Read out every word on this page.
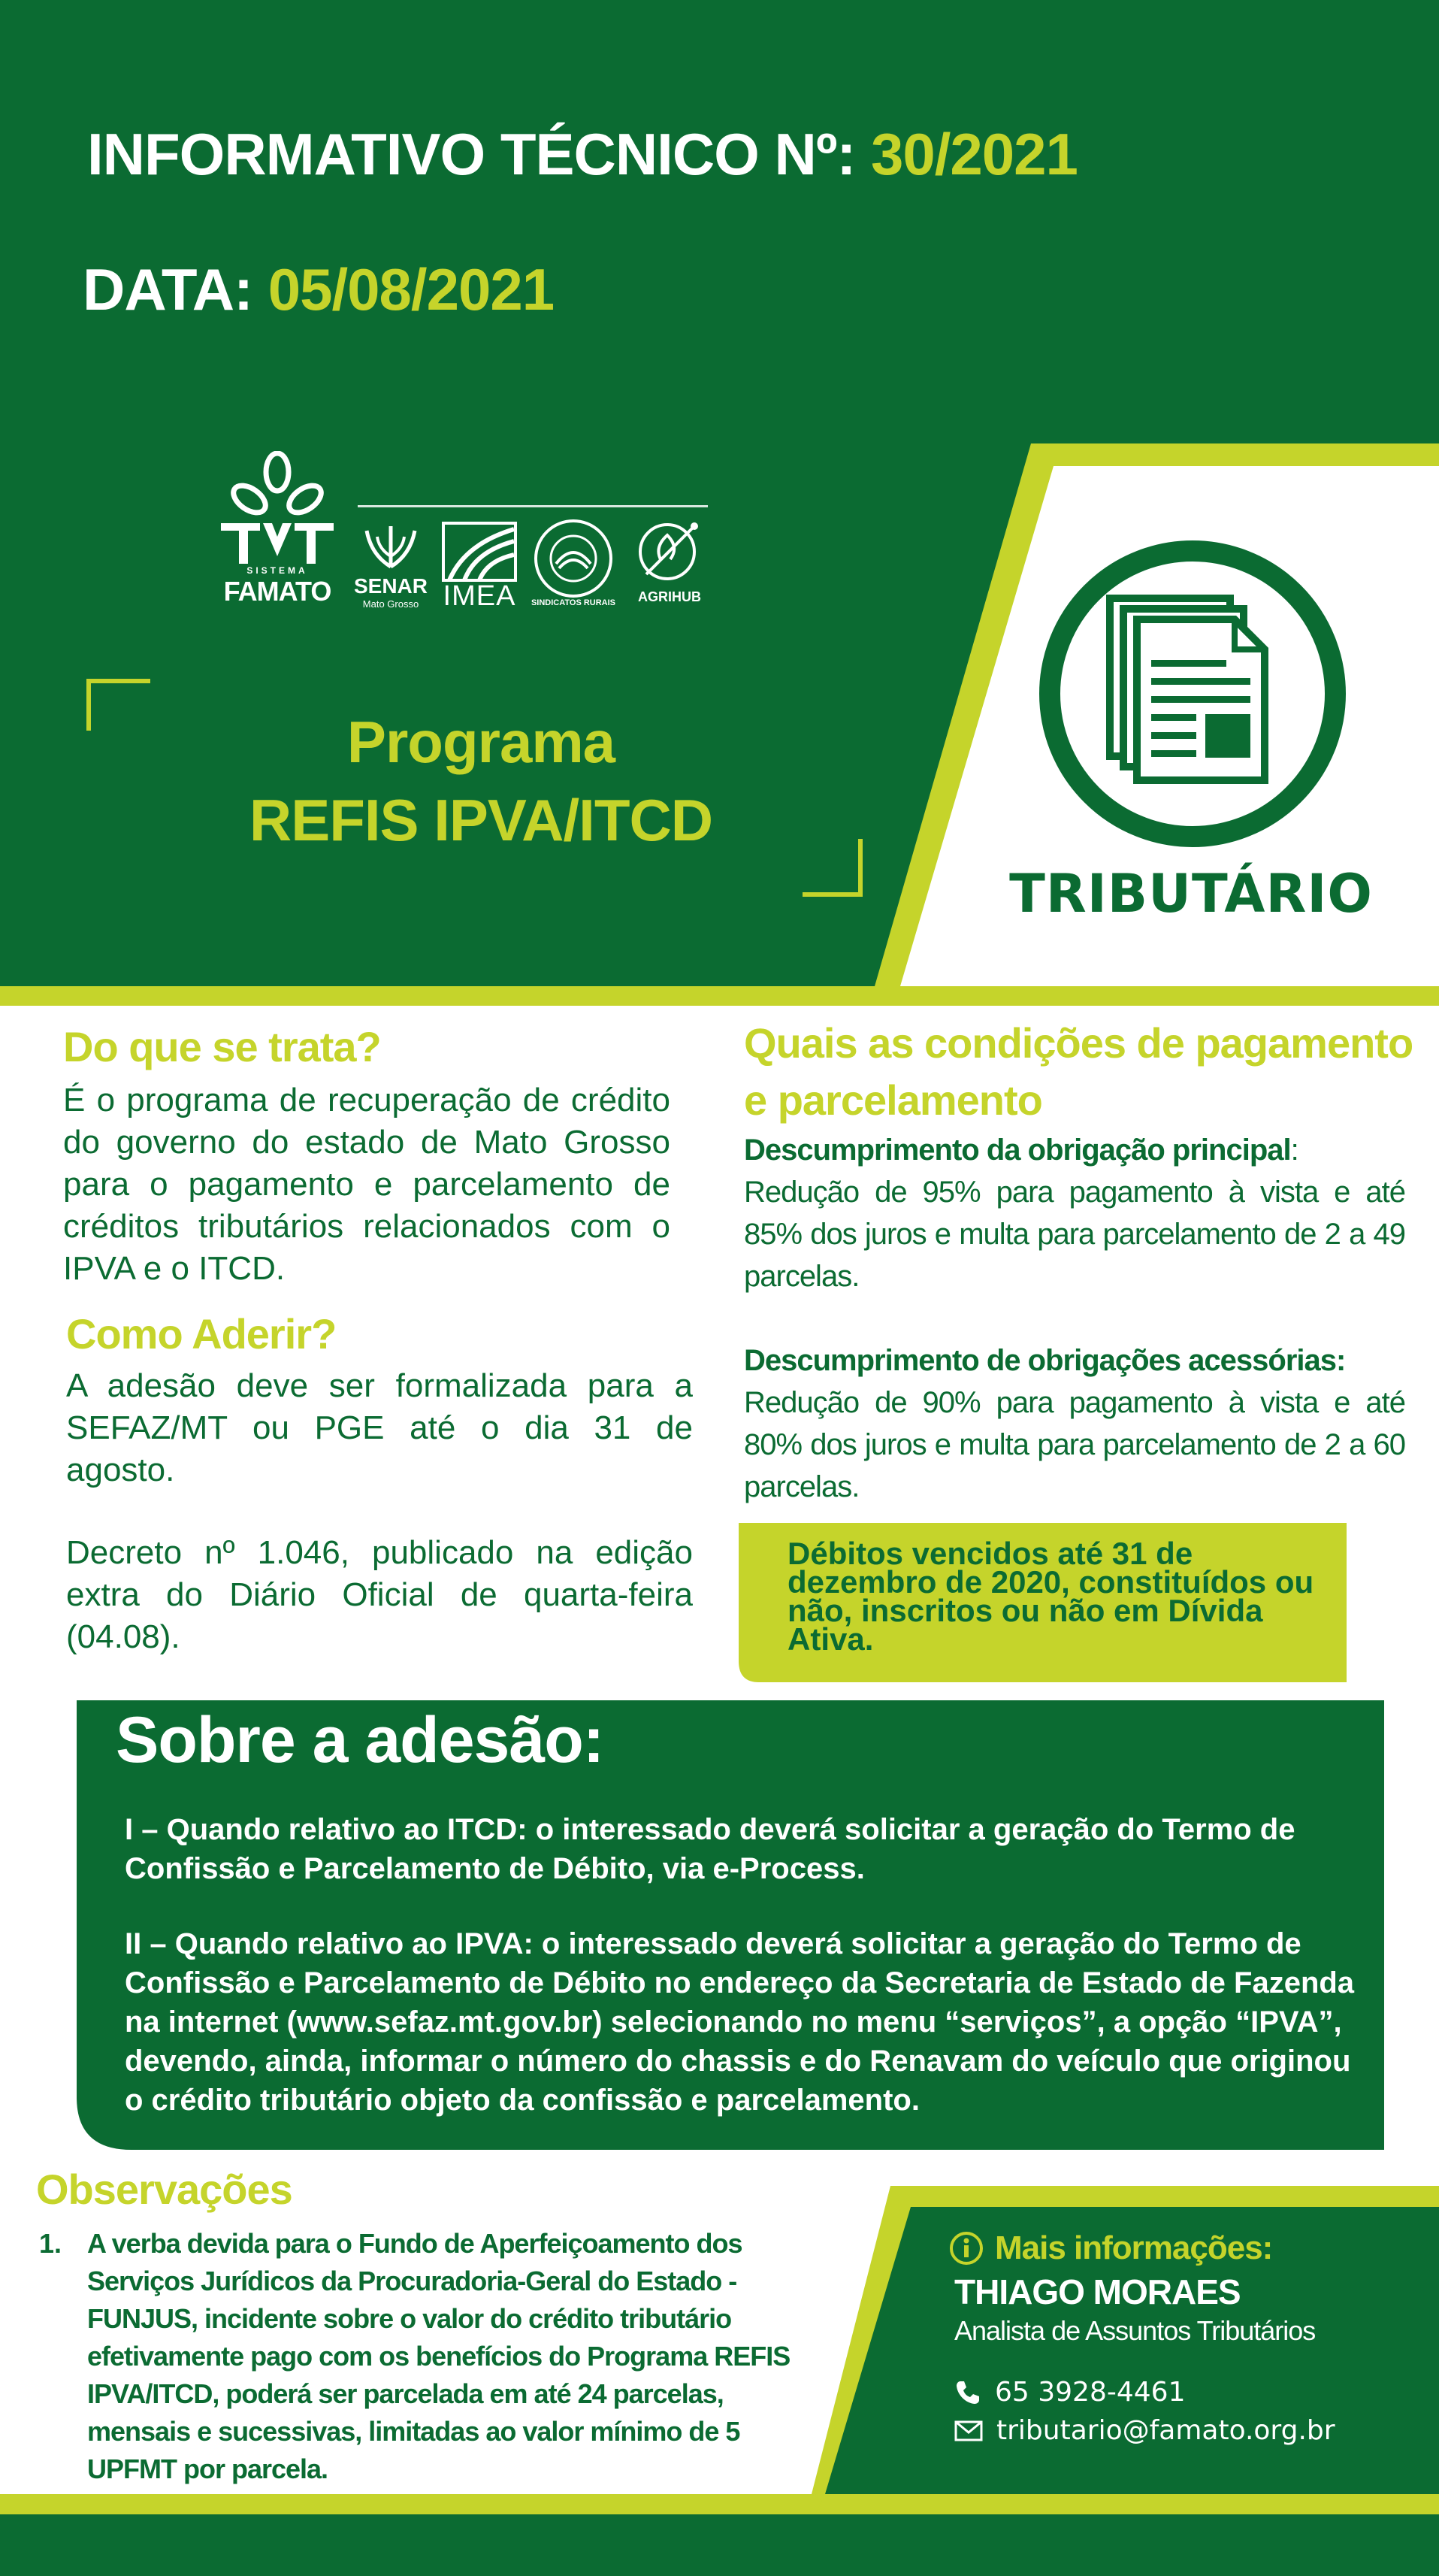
INFORMATIVO TÉCNICO Nº: 30/2021
DATA: 05/08/2021
SISTEMA
FAMATO	SENAR
Mato Grosso IMEA	SINDICATOS RURAIS	AGRIHUB
Programa
REFIS IPVA/ITCD
TRIBUTÁRIO
Do que se trata?
É o programa de recuperação de crédito do governo do estado de Mato Grosso para o pagamento e parcelamento de créditos tributários relacionados com o IPVA e o ITCD.
Como Aderir?
A adesão deve ser formalizada para a SEFAZ/MT ou PGE até o dia 31 de agosto.
Decreto nº 1.046, publicado na edição extra do Diário Oficial de quarta-feira (04.08).
Quais as condições de pagamento
e parcelamento
Descumprimento da obrigação principal:
Redução de 95% para pagamento à vista e até 85% dos juros e multa para parcelamento de 2 a 49 parcelas.
Descumprimento de obrigações acessórias:
Redução de 90% para pagamento à vista e até 80% dos juros e multa para parcelamento de 2 a 60 parcelas.
Débitos vencidos até 31 de dezembro de 2020, constituídos ou não, inscritos ou não em Dívida Ativa.
Sobre a adesão:
I – Quando relativo ao ITCD: o interessado deverá solicitar a geração do Termo de Confissão e Parcelamento de Débito, via e-Process.
II – Quando relativo ao IPVA: o interessado deverá solicitar a geração do Termo de Confissão e Parcelamento de Débito no endereço da Secretaria de Estado de Fazenda na internet (www.sefaz.mt.gov.br) selecionando no menu “serviços”, a opção “IPVA”, devendo, ainda, informar o número do chassis e do Renavam do veículo que originou o crédito tributário objeto da confissão e parcelamento.
Observações
1. A verba devida para o Fundo de Aperfeiçoamento dos Serviços Jurídicos da Procuradoria-Geral do Estado - FUNJUS, incidente sobre o valor do crédito tributário efetivamente pago com os benefícios do Programa REFIS IPVA/ITCD, poderá ser parcelada em até 24 parcelas, mensais e sucessivas, limitadas ao valor mínimo de 5 UPFMT por parcela.
Mais informações:
THIAGO MORAES
Analista de Assuntos Tributários
65 3928-4461
tributario@famato.org.br
